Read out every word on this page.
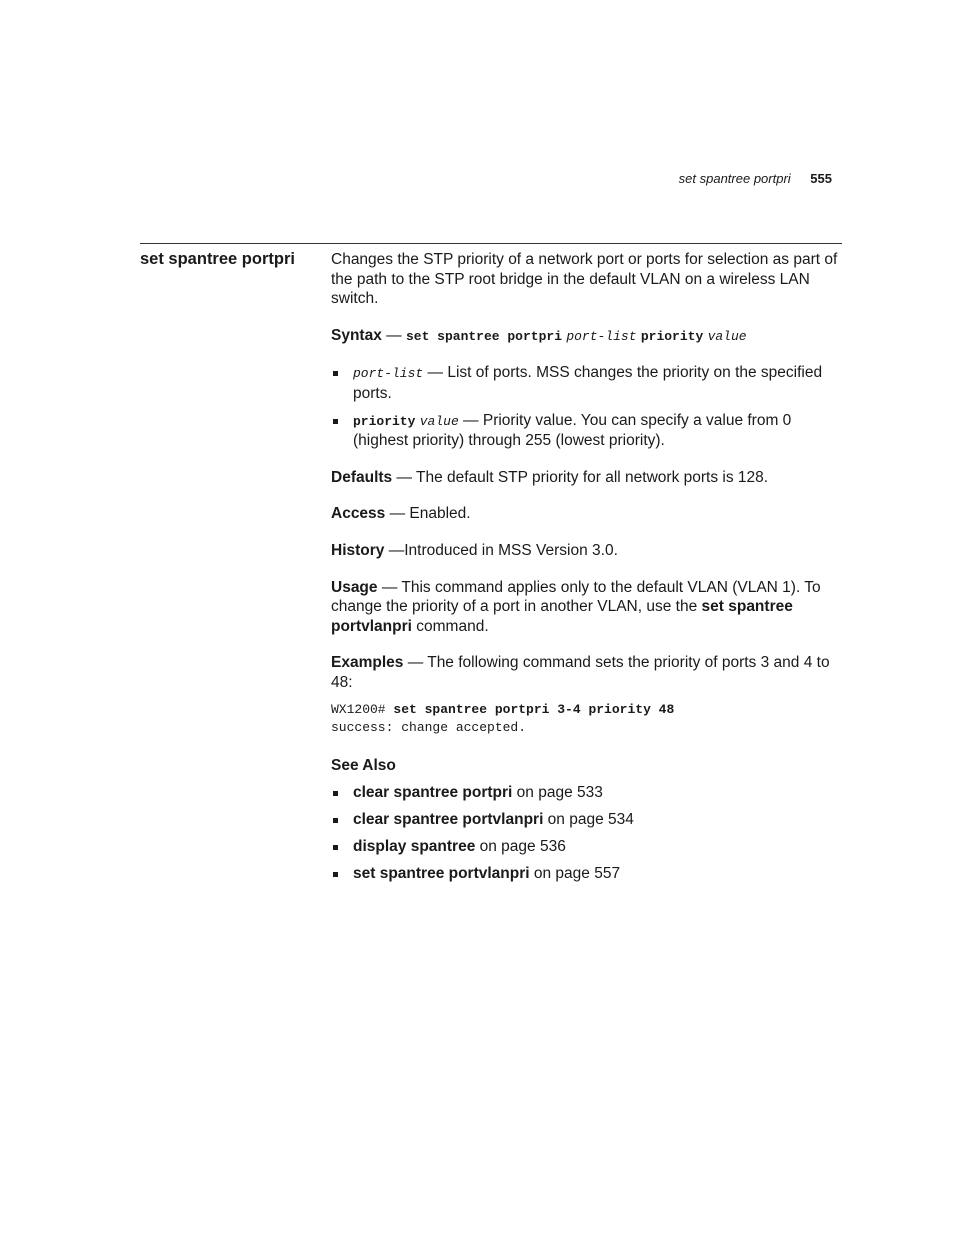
set spantree portpri 555
set spantree portpri	Changes the STP priority of a network port or ports for selection as part of the path to the STP root bridge in the default VLAN on a wireless LAN switch.

Syntax — set spantree portpri port-list priority value

port-list — List of ports. MSS changes the priority on the specified ports.
priority value — Priority value. You can specify a value from 0 (highest priority) through 255 (lowest priority).

Defaults — The default STP priority for all network ports is 128.

Access — Enabled.

History —Introduced in MSS Version 3.0.

Usage — This command applies only to the default VLAN (VLAN 1). To change the priority of a port in another VLAN, use the set spantree portvlanpri command.

Examples — The following command sets the priority of ports 3 and 4 to 48:

WX1200# set spantree portpri 3-4 priority 48
success: change accepted.
See Also
clear spantree portpri on page 533
clear spantree portvlanpri on page 534
display spantree on page 536
set spantree portvlanpri on page 557
